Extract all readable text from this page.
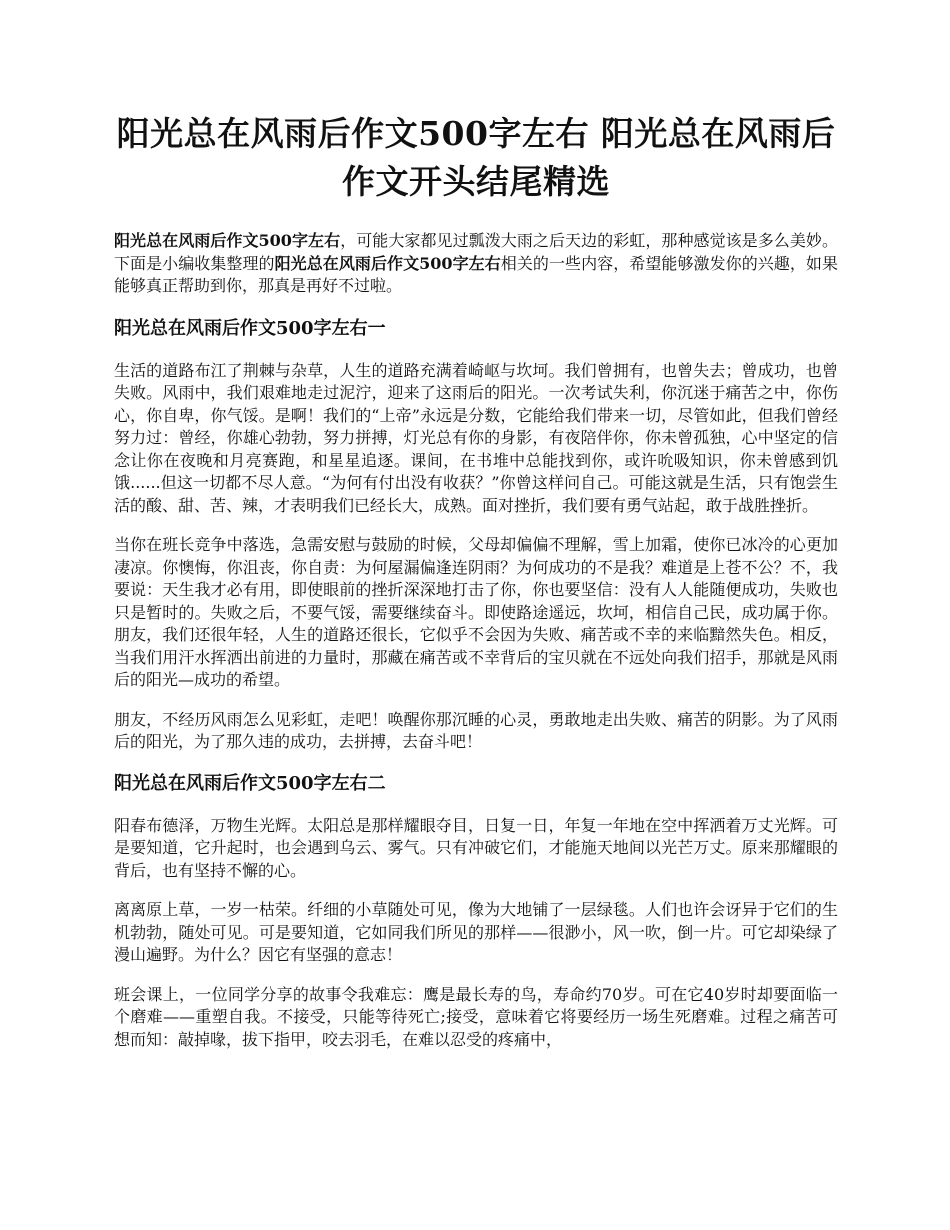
阳光总在风雨后作文500字左右 阳光总在风雨后作文开头结尾精选

阳光总在风雨后作文500字左右，可能大家都见过瓢泼大雨之后天边的彩虹，那种感觉该是多么美妙。下面是小编收集整理的阳光总在风雨后作文500字左右相关的一些内容，希望能够激发你的兴趣，如果能够真正帮助到你，那真是再好不过啦。

阳光总在风雨后作文500字左右一

生活的道路布江了荆棘与杂草，人生的道路充满着崎岖与坎坷。我们曾拥有，也曾失去；曾成功，也曾失败。风雨中，我们艰难地走过泥泞，迎来了这雨后的阳光。一次考试失利，你沉迷于痛苦之中，你伤心，你自卑，你气馁。是啊！我们的“上帝”永远是分数，它能给我们带来一切，尽管如此，但我们曾经努力过：曾经，你雄心勃勃，努力拼搏，灯光总有你的身影，有夜陪伴你，你未曾孤独，心中坚定的信念让你在夜晚和月亮赛跑，和星星追逐。课间，在书堆中总能找到你，或许吮吸知识，你未曾感到饥饿......但这一切都不尽人意。“为何有付出没有收获？”你曾这样问自己。可能这就是生活，只有饱尝生活的酸、甜、苦、辣，才表明我们已经长大，成熟。面对挫折，我们要有勇气站起，敢于战胜挫折。

当你在班长竞争中落选，急需安慰与鼓励的时候，父母却偏偏不理解，雪上加霜，使你已冰冷的心更加凄凉。你懊悔，你沮丧，你自责：为何屋漏偏逢连阴雨？为何成功的不是我？难道是上苍不公？不，我要说：天生我才必有用，即使眼前的挫折深深地打击了你，你也要坚信：没有人人能随便成功，失败也只是暂时的。失败之后，不要气馁，需要继续奋斗。即使路途遥远，坎坷，相信自己民，成功属于你。朋友，我们还很年轻，人生的道路还很长，它似乎不会因为失败、痛苦或不幸的来临黯然失色。相反，当我们用汗水挥洒出前进的力量时，那藏在痛苦或不幸背后的宝贝就在不远处向我们招手，那就是风雨后的阳光—成功的希望。

朋友，不经历风雨怎么见彩虹，走吧！唤醒你那沉睡的心灵，勇敢地走出失败、痛苦的阴影。为了风雨后的阳光，为了那久违的成功，去拼搏，去奋斗吧！

阳光总在风雨后作文500字左右二

阳春布德泽，万物生光辉。太阳总是那样耀眼夺目，日复一日，年复一年地在空中挥洒着万丈光辉。可是要知道，它升起时，也会遇到乌云、雾气。只有冲破它们，才能施天地间以光芒万丈。原来那耀眼的背后，也有坚持不懈的心。

离离原上草，一岁一枯荣。纤细的小草随处可见，像为大地铺了一层绿毯。人们也许会讶异于它们的生机勃勃，随处可见。可是要知道，它如同我们所见的那样——很渺小，风一吹，倒一片。可它却染绿了漫山遍野。为什么？因它有坚强的意志！

班会课上，一位同学分享的故事令我难忘：鹰是最长寿的鸟，寿命约70岁。可在它40岁时却要面临一个磨难——重塑自我。不接受，只能等待死亡;接受，意味着它将要经历一场生死磨难。过程之痛苦可想而知：敲掉喙，拔下指甲，咬去羽毛，在难以忍受的疼痛中，
